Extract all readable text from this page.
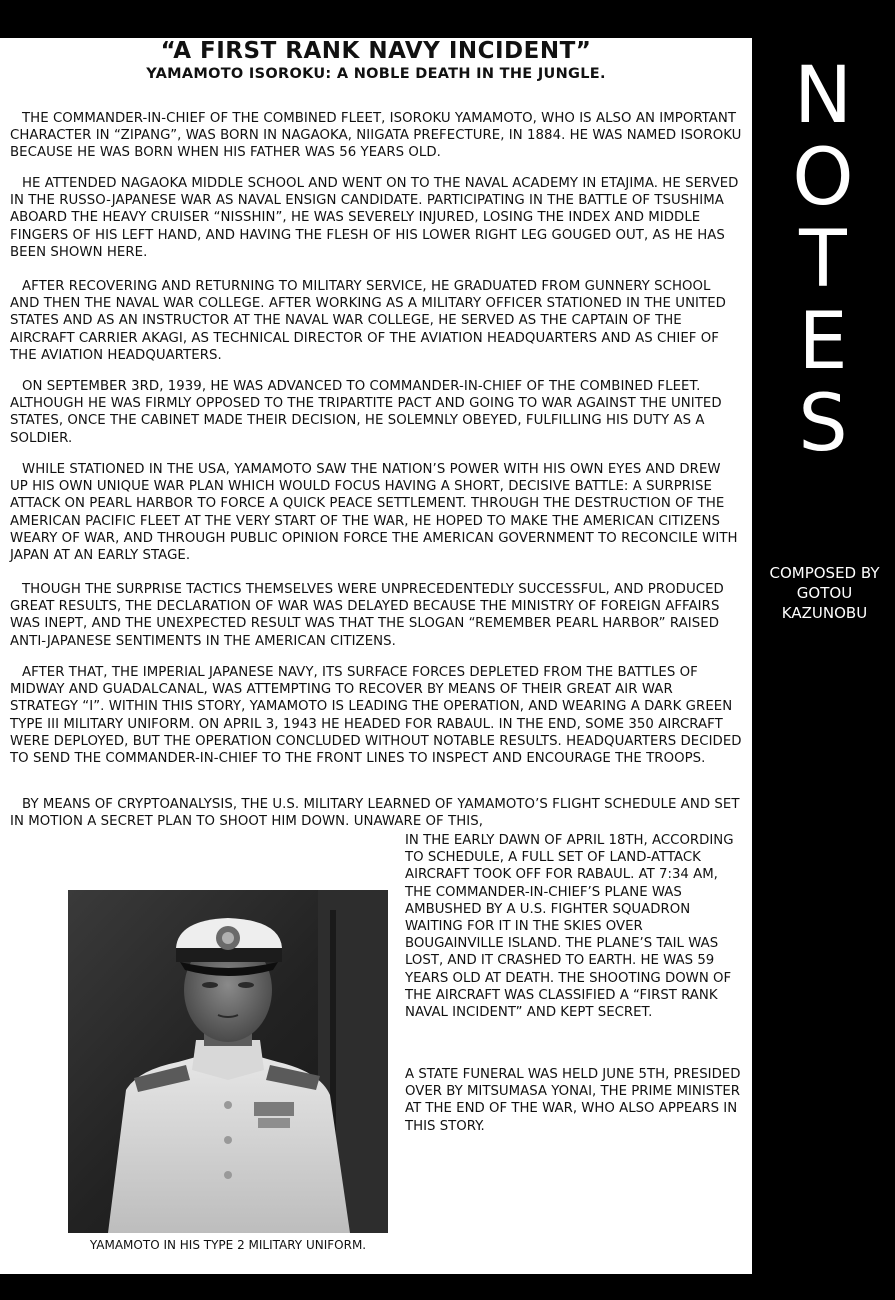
“A FIRST RANK NAVY INCIDENT”
YAMAMOTO ISOROKU: A NOBLE DEATH IN THE JUNGLE.

THE COMMANDER-IN-CHIEF OF THE COMBINED FLEET, ISOROKU YAMAMOTO, WHO IS ALSO AN IMPORTANT CHARACTER IN “ZIPANG”, WAS BORN IN NAGAOKA, NIIGATA PREFECTURE, IN 1884. HE WAS NAMED ISOROKU BECAUSE HE WAS BORN WHEN HIS FATHER WAS 56 YEARS OLD.

HE ATTENDED NAGAOKA MIDDLE SCHOOL AND WENT ON TO THE NAVAL ACADEMY IN ETAJIMA. HE SERVED IN THE RUSSO-JAPANESE WAR AS NAVAL ENSIGN CANDIDATE. PARTICIPATING IN THE BATTLE OF TSUSHIMA ABOARD THE HEAVY CRUISER “NISSHIN”, HE WAS SEVERELY INJURED, LOSING THE INDEX AND MIDDLE FINGERS OF HIS LEFT HAND, AND HAVING THE FLESH OF HIS LOWER RIGHT LEG GOUGED OUT, AS HE HAS BEEN SHOWN HERE.

AFTER RECOVERING AND RETURNING TO MILITARY SERVICE, HE GRADUATED FROM GUNNERY SCHOOL AND THEN THE NAVAL WAR COLLEGE. AFTER WORKING AS A MILITARY OFFICER STATIONED IN THE UNITED STATES AND AS AN INSTRUCTOR AT THE NAVAL WAR COLLEGE, HE SERVED AS THE CAPTAIN OF THE AIRCRAFT CARRIER AKAGI, AS TECHNICAL DIRECTOR OF THE AVIATION HEADQUARTERS AND AS CHIEF OF THE AVIATION HEADQUARTERS.

ON SEPTEMBER 3RD, 1939, HE WAS ADVANCED TO COMMANDER-IN-CHIEF OF THE COMBINED FLEET. ALTHOUGH HE WAS FIRMLY OPPOSED TO THE TRIPARTITE PACT AND GOING TO WAR AGAINST THE UNITED STATES, ONCE THE CABINET MADE THEIR DECISION, HE SOLEMNLY OBEYED, FULFILLING HIS DUTY AS A SOLDIER.

WHILE STATIONED IN THE USA, YAMAMOTO SAW THE NATION’S POWER WITH HIS OWN EYES AND DREW UP HIS OWN UNIQUE WAR PLAN WHICH WOULD FOCUS HAVING A SHORT, DECISIVE BATTLE: A SURPRISE ATTACK ON PEARL HARBOR TO FORCE A QUICK PEACE SETTLEMENT. THROUGH THE DESTRUCTION OF THE AMERICAN PACIFIC FLEET AT THE VERY START OF THE WAR, HE HOPED TO MAKE THE AMERICAN CITIZENS WEARY OF WAR, AND THROUGH PUBLIC OPINION FORCE THE AMERICAN GOVERNMENT TO RECONCILE WITH JAPAN AT AN EARLY STAGE.

THOUGH THE SURPRISE TACTICS THEMSELVES WERE UNPRECEDENTEDLY SUCCESSFUL, AND PRODUCED GREAT RESULTS, THE DECLARATION OF WAR WAS DELAYED BECAUSE THE MINISTRY OF FOREIGN AFFAIRS WAS INEPT, AND THE UNEXPECTED RESULT WAS THAT THE SLOGAN “REMEMBER PEARL HARBOR” RAISED ANTI-JAPANESE SENTIMENTS IN THE AMERICAN CITIZENS.

AFTER THAT, THE IMPERIAL JAPANESE NAVY, ITS SURFACE FORCES DEPLETED FROM THE BATTLES OF MIDWAY AND GUADALCANAL, WAS ATTEMPTING TO RECOVER BY MEANS OF THEIR GREAT AIR WAR STRATEGY “I”. WITHIN THIS STORY, YAMAMOTO IS LEADING THE OPERATION, AND WEARING A DARK GREEN TYPE III MILITARY UNIFORM. ON APRIL 3, 1943 HE HEADED FOR RABAUL. IN THE END, SOME 350 AIRCRAFT WERE DEPLOYED, BUT THE OPERATION CONCLUDED WITHOUT NOTABLE RESULTS. HEADQUARTERS DECIDED TO SEND THE COMMANDER-IN-CHIEF TO THE FRONT LINES TO INSPECT AND ENCOURAGE THE TROOPS.

BY MEANS OF CRYPTOANALYSIS, THE U.S. MILITARY LEARNED OF YAMAMOTO’S FLIGHT SCHEDULE AND SET IN MOTION A SECRET PLAN TO SHOOT HIM DOWN. UNAWARE OF THIS,

IN THE EARLY DAWN OF APRIL 18TH, ACCORDING TO SCHEDULE, A FULL SET OF LAND-ATTACK AIRCRAFT TOOK OFF FOR RABAUL. AT 7:34 AM, THE COMMANDER-IN-CHIEF’S PLANE WAS AMBUSHED BY A U.S. FIGHTER SQUADRON WAITING FOR IT IN THE SKIES OVER BOUGAINVILLE ISLAND. THE PLANE’S TAIL WAS LOST, AND IT CRASHED TO EARTH. HE WAS 59 YEARS OLD AT DEATH. THE SHOOTING DOWN OF THE AIRCRAFT WAS CLASSIFIED A “FIRST RANK NAVAL INCIDENT” AND KEPT SECRET.

A STATE FUNERAL WAS HELD JUNE 5TH, PRESIDED OVER BY MITSUMASA YONAI, THE PRIME MINISTER AT THE END OF THE WAR, WHO ALSO APPEARS IN THIS STORY.

YAMAMOTO IN HIS TYPE 2 MILITARY UNIFORM.

N
O
T
E
S

COMPOSED BY GOTOU KAZUNOBU
